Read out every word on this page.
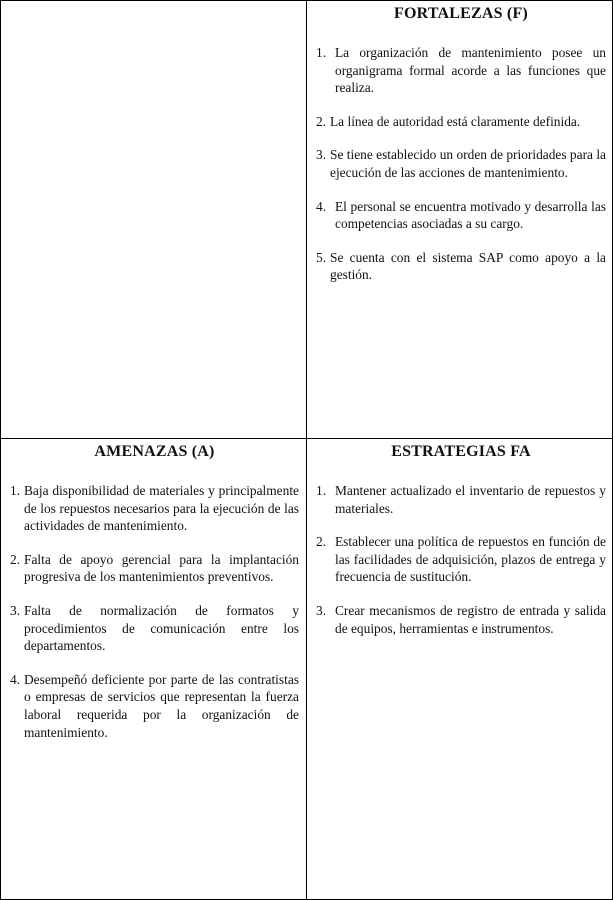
FORTALEZAS (F)
1. La organización de mantenimiento posee un organigrama formal acorde a las funciones que realiza.
2. La línea de autoridad está claramente definida.
3. Se tiene establecido un orden de prioridades para la ejecución de las acciones de mantenimiento.
4. El personal se encuentra motivado y desarrolla las competencias asociadas a su cargo.
5. Se cuenta con el sistema SAP como apoyo a la gestión.
AMENAZAS (A)
1. Baja disponibilidad de materiales y principalmente de los repuestos necesarios para la ejecución de las actividades de mantenimiento.
2. Falta de apoyo gerencial para la implantación progresiva de los mantenimientos preventivos.
3. Falta de normalización de formatos y procedimientos de comunicación entre los departamentos.
4. Desempeñó deficiente por parte de las contratistas o empresas de servicios que representan la fuerza laboral requerida por la organización de mantenimiento.
ESTRATEGIAS FA
1. Mantener actualizado el inventario de repuestos y materiales.
2. Establecer una política de repuestos en función de las facilidades de adquisición, plazos de entrega y frecuencia de sustitución.
3. Crear mecanismos de registro de entrada y salida de equipos, herramientas e instrumentos.
